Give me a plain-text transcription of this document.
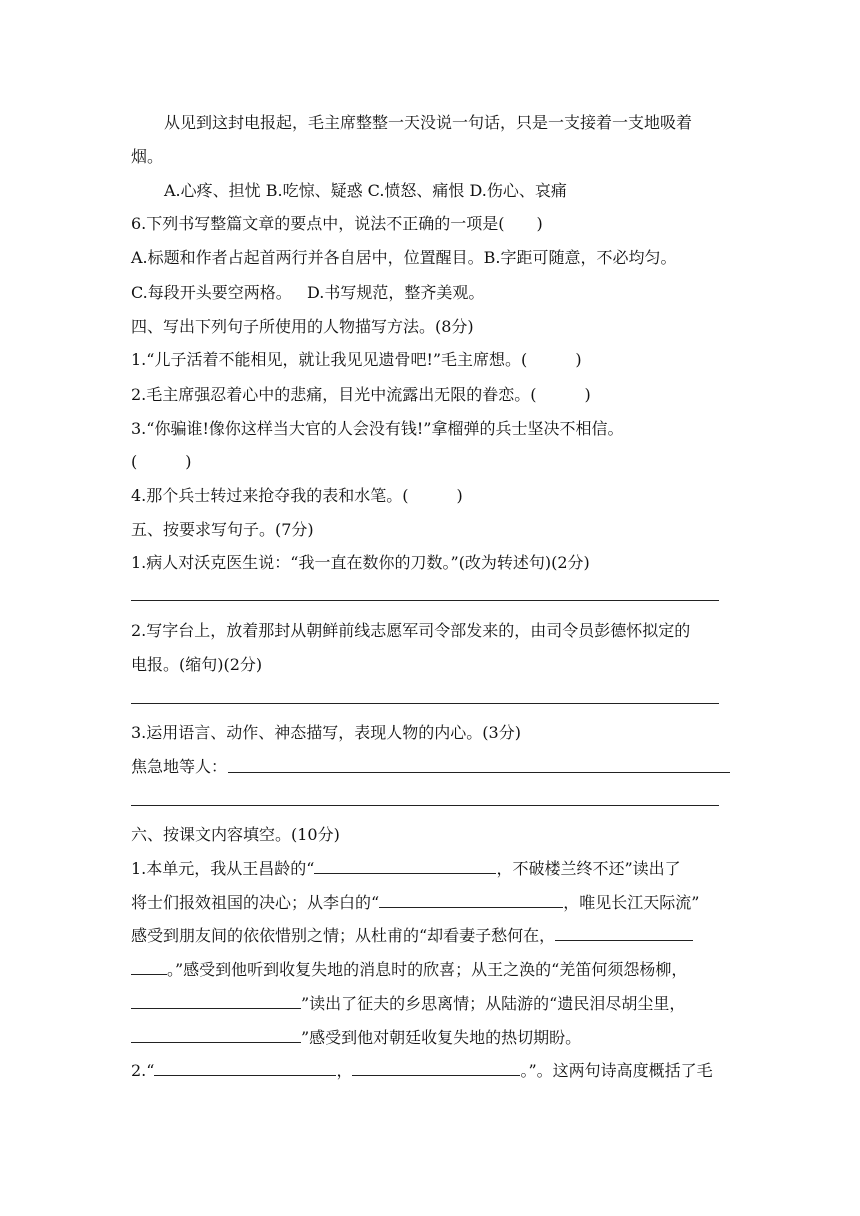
从见到这封电报起，毛主席整整一天没说一句话，只是一支接着一支地吸着
烟。
A.心疼、担忧 B.吃惊、疑惑 C.愤怒、痛恨 D.伤心、哀痛
6.下列书写整篇文章的要点中，说法不正确的一项是( )
A.标题和作者占起首两行并各自居中，位置醒目。B.字距可随意，不必均匀。
C.每段开头要空两格。 D.书写规范，整齐美观。
四、写出下列句子所使用的人物描写方法。(8分)
1.“儿子活着不能相见，就让我见见遗骨吧!”毛主席想。(	)
2.毛主席强忍着心中的悲痛，目光中流露出无限的眷恋。(	)
3.“你骗谁!像你这样当大官的人会没有钱!”拿榴弹的兵士坚决不相信。
(	)
4.那个兵士转过来抢夺我的表和水笔。(	)
五、按要求写句子。(7分)
1.病人对沃克医生说：“我一直在数你的刀数。”(改为转述句)(2分)
2.写字台上，放着那封从朝鲜前线志愿军司令部发来的，由司令员彭德怀拟定的
电报。(缩句)(2分)
3.运用语言、动作、神态描写，表现人物的内心。(3分)
焦急地等人：
六、按课文内容填空。(10分)
1.本单元，我从王昌龄的“	，不破楼兰终不还”读出了
将士们报效祖国的决心；从李白的“	，唯见长江天际流”
感受到朋友间的依依惜别之情；从杜甫的“却看妻子愁何在，
。”感受到他听到收复失地的消息时的欣喜；从王之涣的“羌笛何须怨杨柳，
”读出了征夫的乡思离情；从陆游的“遗民泪尽胡尘里，
”感受到他对朝廷收复失地的热切期盼。
2.“	，	。”。这两句诗高度概括了毛
